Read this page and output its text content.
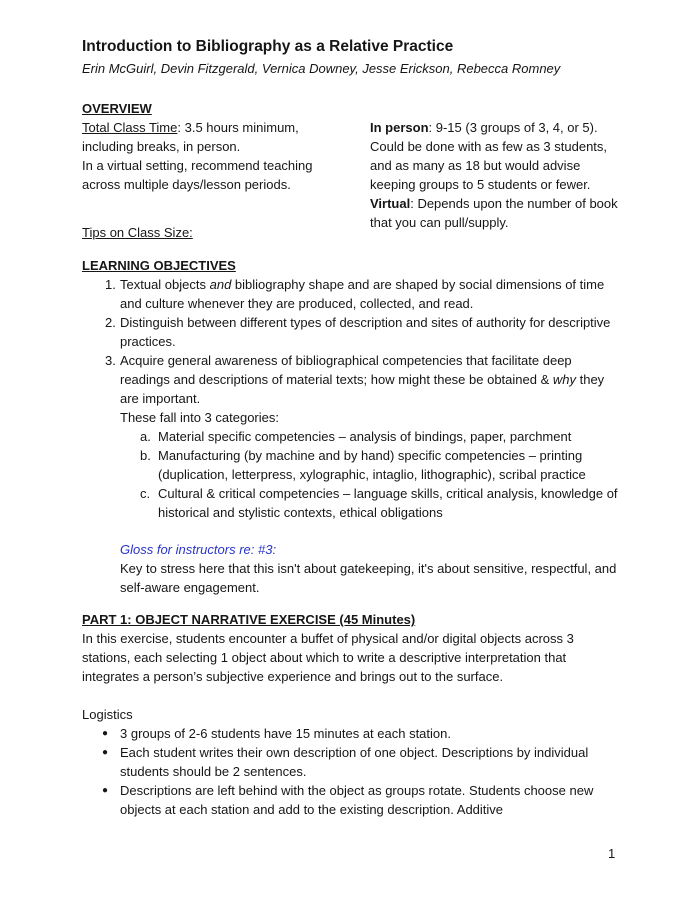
Introduction to Bibliography as a Relative Practice
Erin McGuirl, Devin Fitzgerald, Vernica Downey, Jesse Erickson, Rebecca Romney
OVERVIEW
Total Class Time: 3.5 hours minimum, including breaks, in person.
In a virtual setting, recommend teaching across multiple days/lesson periods.
In person: 9-15 (3 groups of 3, 4, or 5). Could be done with as few as 3 students, and as many as 18 but would advise keeping groups to 5 students or fewer. Virtual: Depends upon the number of book that you can pull/supply.
Tips on Class Size:
LEARNING OBJECTIVES
1. Textual objects and bibliography shape and are shaped by social dimensions of time and culture whenever they are produced, collected, and read.
2. Distinguish between different types of description and sites of authority for descriptive practices.
3. Acquire general awareness of bibliographical competencies that facilitate deep readings and descriptions of material texts; how might these be obtained & why they are important.
These fall into 3 categories:
a. Material specific competencies – analysis of bindings, paper, parchment
b. Manufacturing (by machine and by hand) specific competencies – printing (duplication, letterpress, xylographic, intaglio, lithographic), scribal practice
c. Cultural & critical competencies – language skills, critical analysis, knowledge of historical and stylistic contexts, ethical obligations
Gloss for instructors re: #3:
Key to stress here that this isn't about gatekeeping, it's about sensitive, respectful, and self-aware engagement.
PART 1: OBJECT NARRATIVE EXERCISE (45 Minutes)
In this exercise, students encounter a buffet of physical and/or digital objects across 3 stations, each selecting 1 object about which to write a descriptive interpretation that integrates a person’s subjective experience and brings out to the surface.
Logistics
● 3 groups of 2-6 students have 15 minutes at each station.
● Each student writes their own description of one object. Descriptions by individual students should be 2 sentences.
● Descriptions are left behind with the object as groups rotate. Students choose new objects at each station and add to the existing description. Additive
1
